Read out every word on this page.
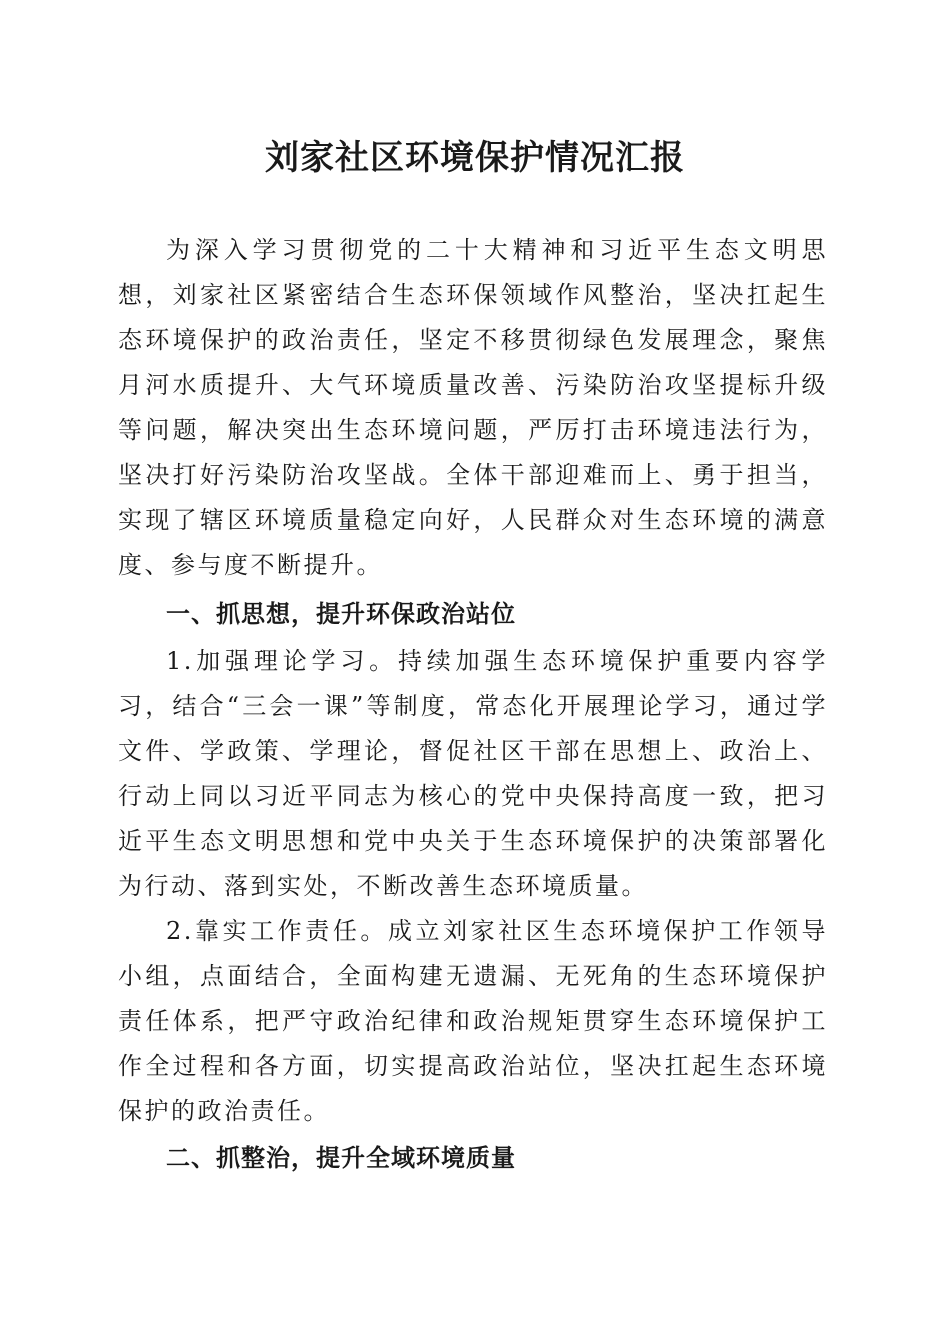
刘家社区环境保护情况汇报

为深入学习贯彻党的二十大精神和习近平生态文明思想，刘家社区紧密结合生态环保领域作风整治，坚决扛起生态环境保护的政治责任，坚定不移贯彻绿色发展理念，聚焦月河水质提升、大气环境质量改善、污染防治攻坚提标升级等问题，解决突出生态环境问题，严厉打击环境违法行为，坚决打好污染防治攻坚战。全体干部迎难而上、勇于担当，实现了辖区环境质量稳定向好，人民群众对生态环境的满意度、参与度不断提升。

一、抓思想，提升环保政治站位

1.加强理论学习。持续加强生态环境保护重要内容学习，结合“三会一课”等制度，常态化开展理论学习，通过学文件、学政策、学理论，督促社区干部在思想上、政治上、行动上同以习近平同志为核心的党中央保持高度一致，把习近平生态文明思想和党中央关于生态环境保护的决策部署化为行动、落到实处，不断改善生态环境质量。

2.靠实工作责任。成立刘家社区生态环境保护工作领导小组，点面结合，全面构建无遗漏、无死角的生态环境保护责任体系，把严守政治纪律和政治规矩贯穿生态环境保护工作全过程和各方面，切实提高政治站位，坚决扛起生态环境保护的政治责任。

二、抓整治，提升全域环境质量
